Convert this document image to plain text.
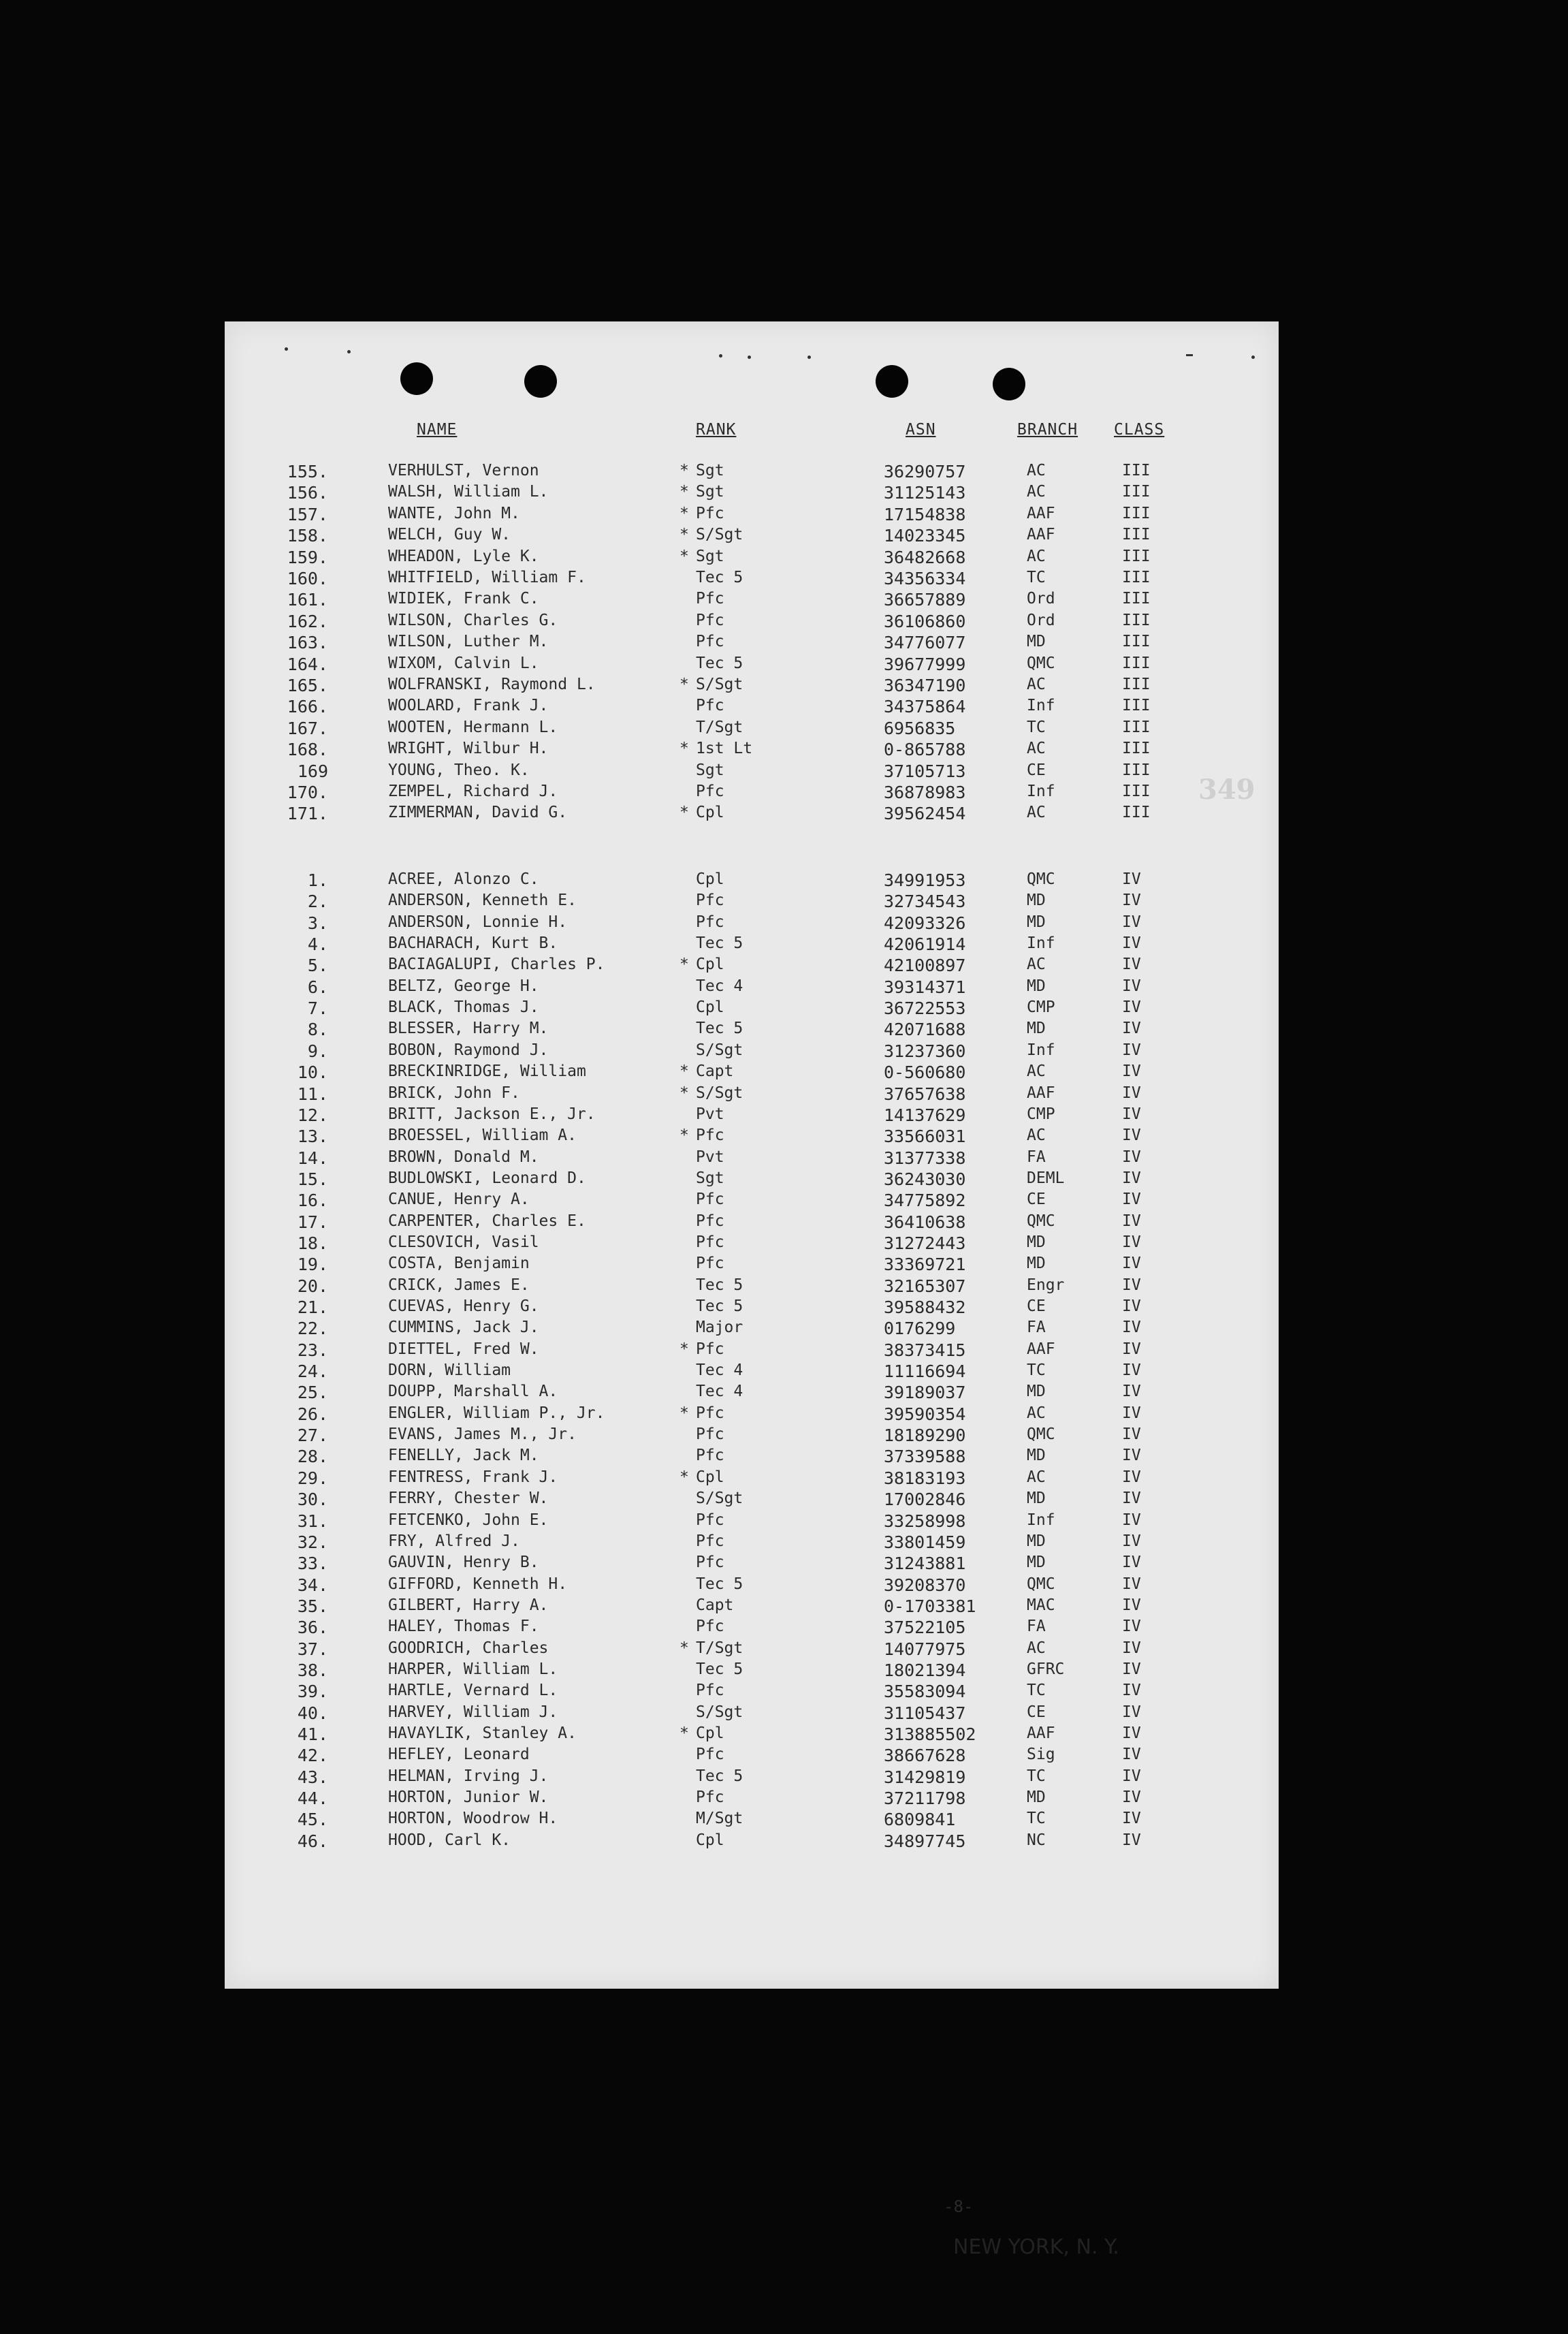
NAME	RANK	ASN	BRANCH CLASS
155.	VERHULST, Vernon	* Sgt	36290757	AC	III
156.	WALSH, William L.	* Sgt	31125143	AC	III
157.	WANTE, John M.	* Pfc	17154838	AAF	III
158.	WELCH, Guy W.	* S/Sgt	14023345	AAF	III
159.	WHEADON, Lyle K.	* Sgt	36482668	AC	III
160.	WHITFIELD, William F.	Tec 5	34356334	TC	III
161.	WIDIEK, Frank C.	Pfc	36657889	Ord	III
162.	WILSON, Charles G.	Pfc	36106860	Ord	III
163.	WILSON, Luther M.	Pfc	34776077	MD	III
164.	WIXOM, Calvin L.	Tec 5	39677999	QMC	III
165.	WOLFRANSKI, Raymond L.	* S/Sgt	36347190	AC	III
166.	WOOLARD, Frank J.	Pfc	34375864	Inf	III
167.	WOOTEN, Hermann L.	T/Sgt	6956835	TC	III
168.	WRIGHT, Wilbur H.	* 1st Lt	0-865788	AC	III
169	YOUNG, Theo. K.	Sgt	37105713	CE	III
170.	ZEMPEL, Richard J.	Pfc	36878983	Inf	III
171.	ZIMMERMAN, David G.	* Cpl	39562454	AC	III
1.	ACREE, Alonzo C.	Cpl	34991953	QMC	IV
2.	ANDERSON, Kenneth E.	Pfc	32734543	MD	IV
3.	ANDERSON, Lonnie H.	Pfc	42093326	MD	IV
4.	BACHARACH, Kurt B.	Tec 5	42061914	Inf	IV
5.	BACIAGALUPI, Charles P.	* Cpl	42100897	AC	IV
6.	BELTZ, George H.	Tec 4	39314371	MD	IV
7.	BLACK, Thomas J.	Cpl	36722553	CMP	IV
8.	BLESSER, Harry M.	Tec 5	42071688	MD	IV
9.	BOBON, Raymond J.	S/Sgt	31237360	Inf	IV
10.	BRECKINRIDGE, William	* Capt	0-560680	AC	IV
11.	BRICK, John F.	* S/Sgt	37657638	AAF	IV
12.	BRITT, Jackson E., Jr.	Pvt	14137629	CMP	IV
13.	BROESSEL, William A.	* Pfc	33566031	AC	IV
14.	BROWN, Donald M.	Pvt	31377338	FA	IV
15.	BUDLOWSKI, Leonard D.	Sgt	36243030	DEML	IV
16.	CANUE, Henry A.	Pfc	34775892	CE	IV
17.	CARPENTER, Charles E.	Pfc	36410638	QMC	IV
18.	CLESOVICH, Vasil	Pfc	31272443	MD	IV
19.	COSTA, Benjamin	Pfc	33369721	MD	IV
20.	CRICK, James E.	Tec 5	32165307	Engr	IV
21.	CUEVAS, Henry G.	Tec 5	39588432	CE	IV
22.	CUMMINS, Jack J.	Major	0176299	FA	IV
23.	DIETTEL, Fred W.	* Pfc	38373415	AAF	IV
24.	DORN, William	Tec 4	11116694	TC	IV
25.	DOUPP, Marshall A.	Tec 4	39189037	MD	IV
26.	ENGLER, William P., Jr.	* Pfc	39590354	AC	IV
27.	EVANS, James M., Jr.	Pfc	18189290	QMC	IV
28.	FENELLY, Jack M.	Pfc	37339588	MD	IV
29.	FENTRESS, Frank J.	* Cpl	38183193	AC	IV
30.	FERRY, Chester W.	S/Sgt	17002846	MD	IV
31.	FETCENKO, John E.	Pfc	33258998	Inf	IV
32.	FRY, Alfred J.	Pfc	33801459	MD	IV
33.	GAUVIN, Henry B.	Pfc	31243881	MD	IV
34.	GIFFORD, Kenneth H.	Tec 5	39208370	QMC	IV
35.	GILBERT, Harry A.	Capt	0-1703381	MAC	IV
36.	HALEY, Thomas F.	Pfc	37522105	FA	IV
37.	GOODRICH, Charles	* T/Sgt	14077975	AC	IV
38.	HARPER, William L.	Tec 5	18021394	GFRC	IV
39.	HARTLE, Vernard L.	Pfc	35583094	TC	IV
40.	HARVEY, William J.	S/Sgt	31105437	CE	IV
41.	HAVAYLIK, Stanley A.	* Cpl	313885502	AAF	IV
42.	HEFLEY, Leonard	Pfc	38667628	Sig	IV
43.	HELMAN, Irving J.	Tec 5	31429819	TC	IV
44.	HORTON, Junior W.	Pfc	37211798	MD	IV
45.	HORTON, Woodrow H.	M/Sgt	6809841	TC	IV
46.	HOOD, Carl K.	Cpl	34897745	NC	IV
-8-
NEW YORK, N. Y.
349
